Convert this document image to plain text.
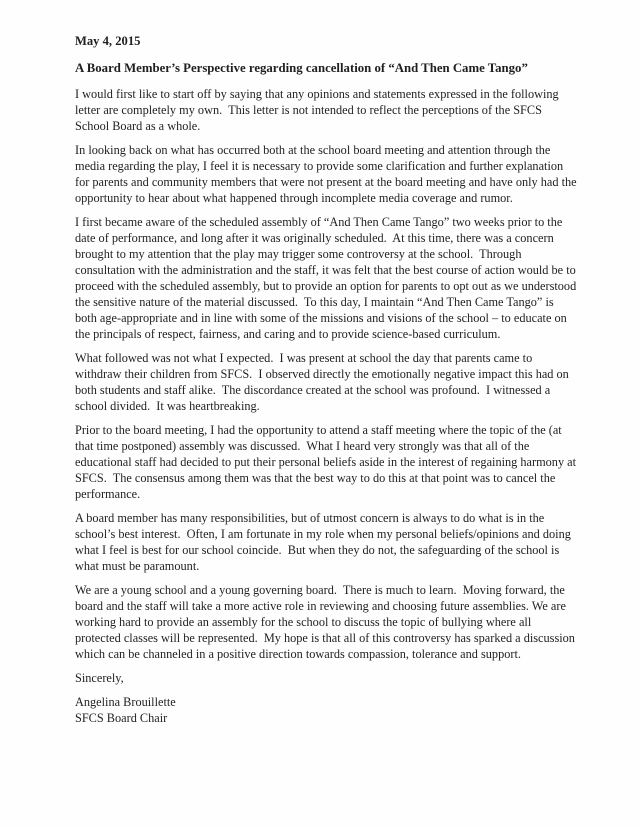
May 4, 2015

A Board Member’s Perspective regarding cancellation of “And Then Came Tango”

I would first like to start off by saying that any opinions and statements expressed in the following letter are completely my own.  This letter is not intended to reflect the perceptions of the SFCS School Board as a whole.

In looking back on what has occurred both at the school board meeting and attention through the media regarding the play, I feel it is necessary to provide some clarification and further explanation for parents and community members that were not present at the board meeting and have only had the opportunity to hear about what happened through incomplete media coverage and rumor.

I first became aware of the scheduled assembly of “And Then Came Tango” two weeks prior to the date of performance, and long after it was originally scheduled.  At this time, there was a concern brought to my attention that the play may trigger some controversy at the school.  Through consultation with the administration and the staff, it was felt that the best course of action would be to proceed with the scheduled assembly, but to provide an option for parents to opt out as we understood the sensitive nature of the material discussed.  To this day, I maintain “And Then Came Tango” is both age-appropriate and in line with some of the missions and visions of the school – to educate on the principals of respect, fairness, and caring and to provide science-based curriculum.

What followed was not what I expected.  I was present at school the day that parents came to withdraw their children from SFCS.  I observed directly the emotionally negative impact this had on both students and staff alike.  The discordance created at the school was profound.  I witnessed a school divided.  It was heartbreaking.

Prior to the board meeting, I had the opportunity to attend a staff meeting where the topic of the (at that time postponed) assembly was discussed.  What I heard very strongly was that all of the educational staff had decided to put their personal beliefs aside in the interest of regaining harmony at SFCS.  The consensus among them was that the best way to do this at that point was to cancel the performance.

A board member has many responsibilities, but of utmost concern is always to do what is in the school’s best interest.  Often, I am fortunate in my role when my personal beliefs/opinions and doing what I feel is best for our school coincide.  But when they do not, the safeguarding of the school is what must be paramount.

We are a young school and a young governing board.  There is much to learn.  Moving forward, the board and the staff will take a more active role in reviewing and choosing future assemblies. We are working hard to provide an assembly for the school to discuss the topic of bullying where all protected classes will be represented.  My hope is that all of this controversy has sparked a discussion which can be channeled in a positive direction towards compassion, tolerance and support.

Sincerely,

Angelina Brouillette
SFCS Board Chair
